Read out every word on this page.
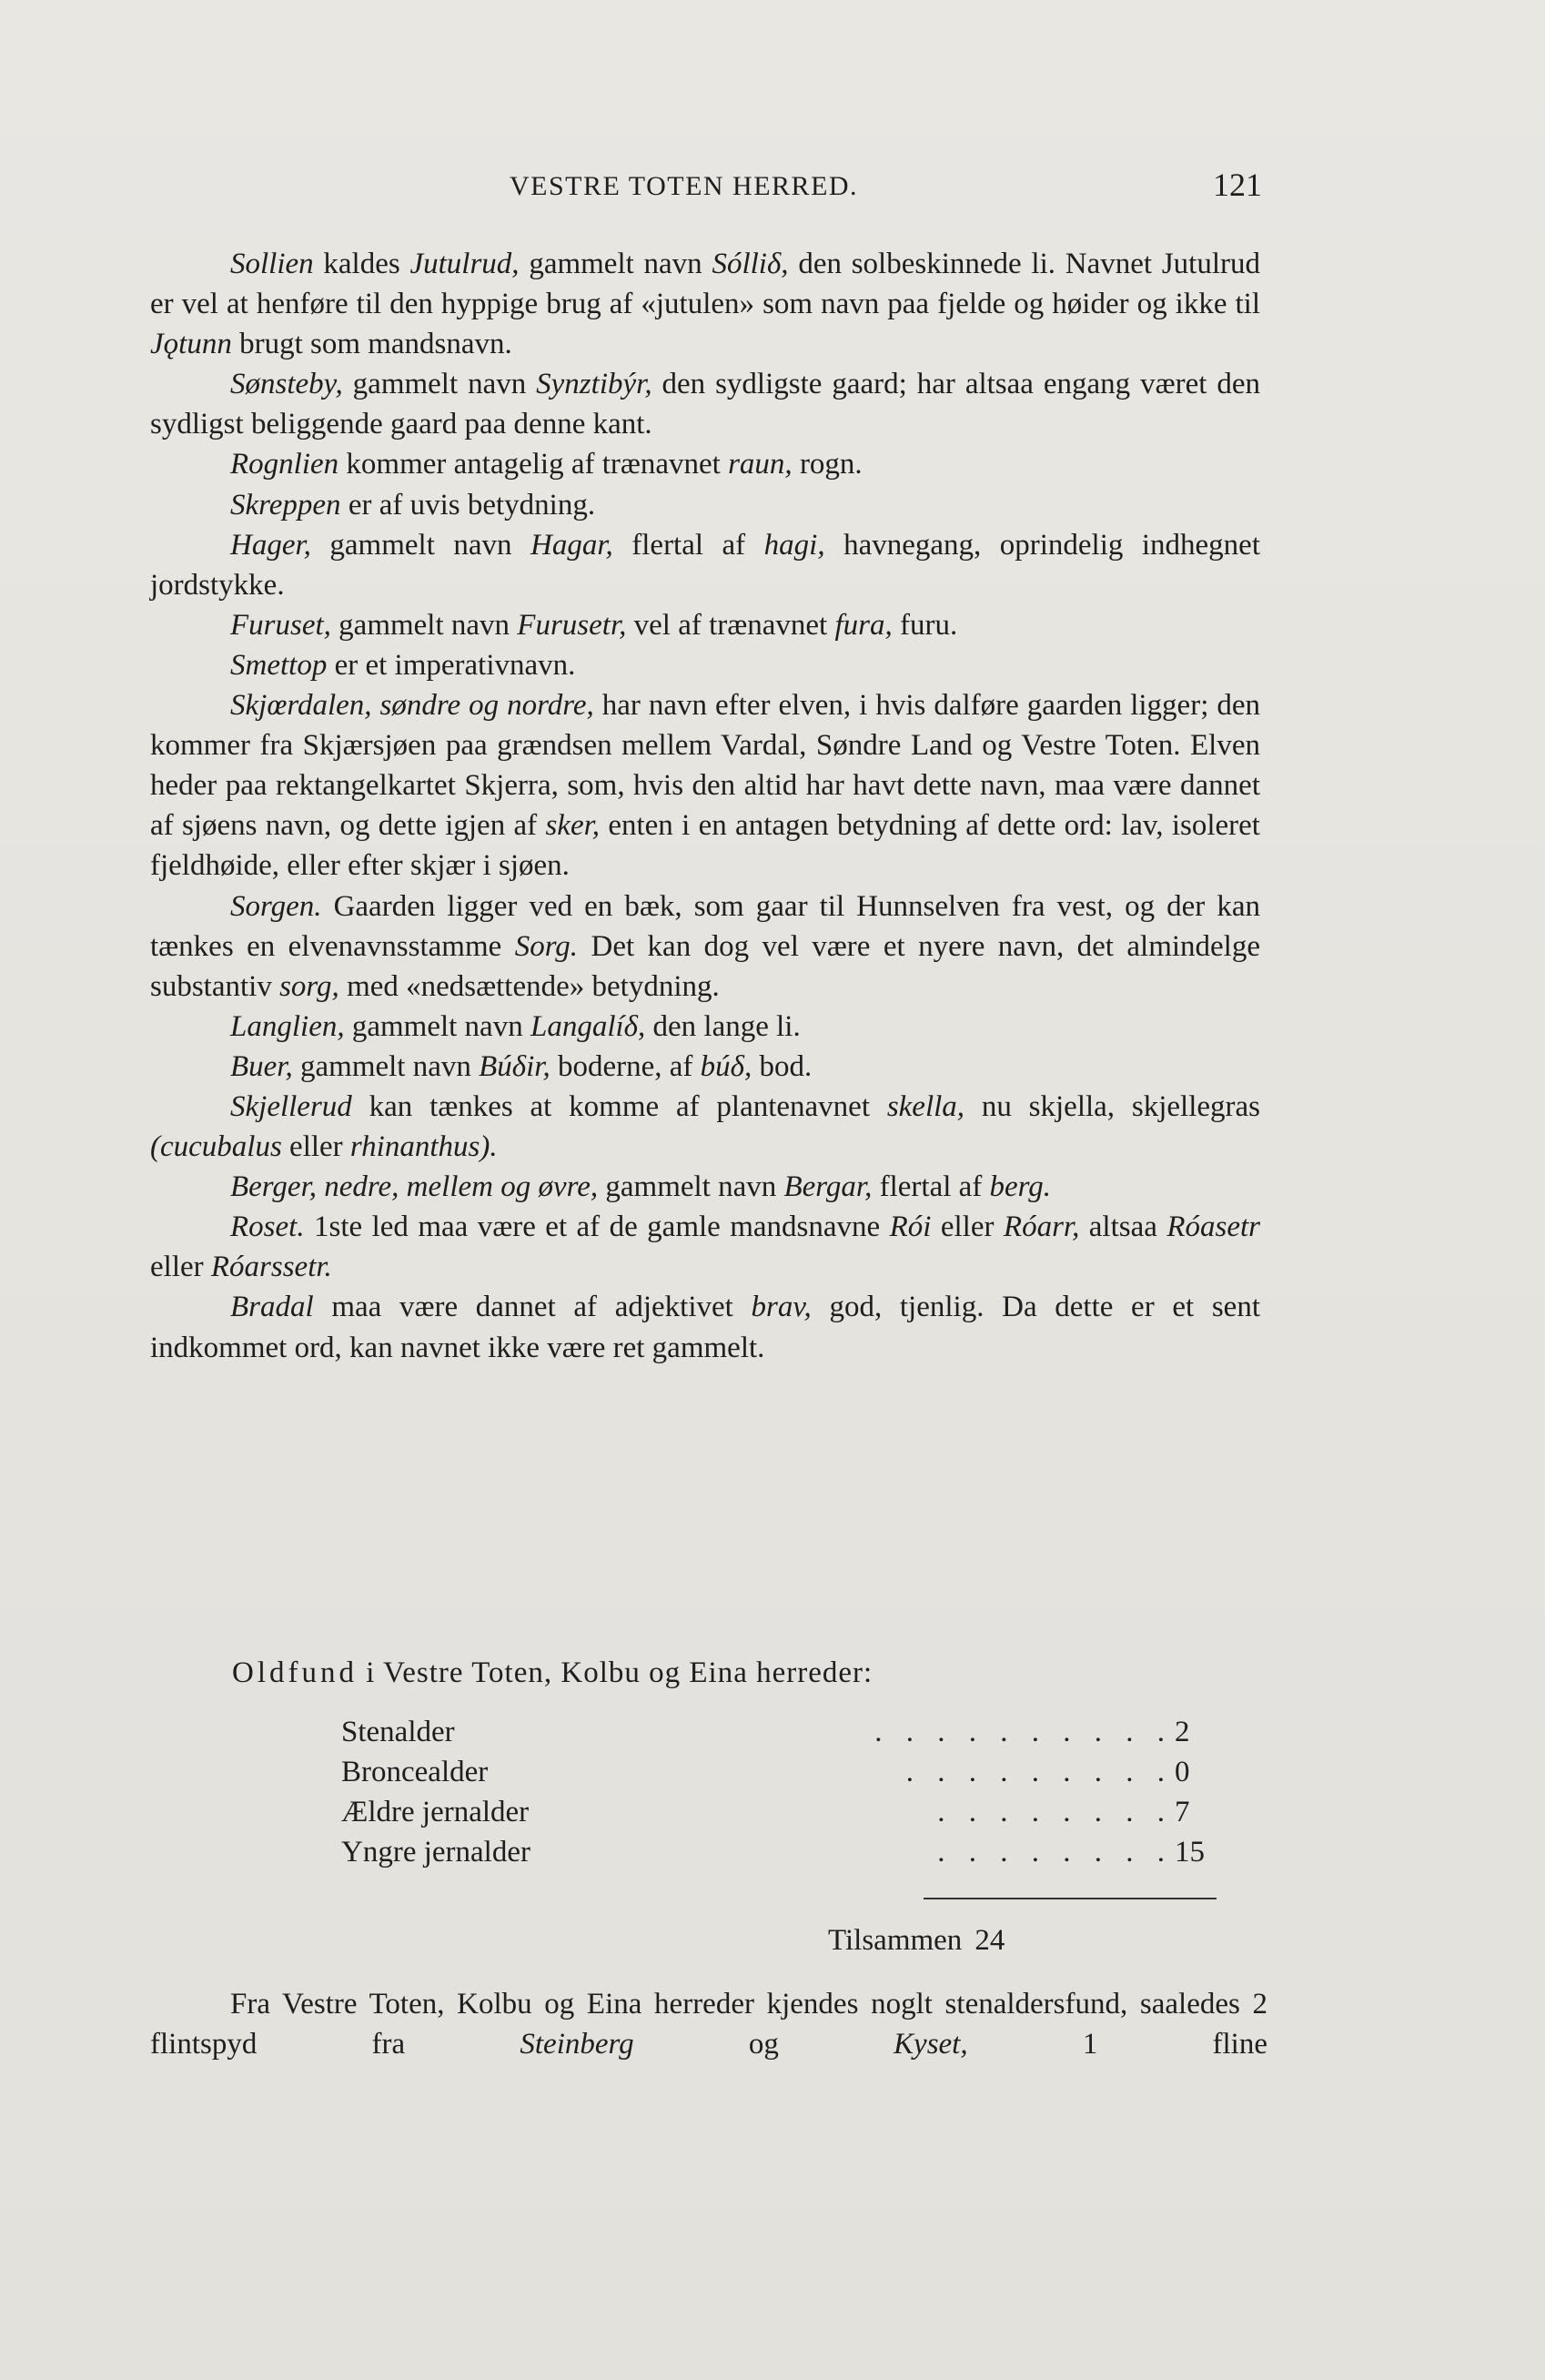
VESTRE TOTEN HERRED.	121

Sollien kaldes Jutulrud, gammelt navn Sólliδ, den solbeskinnede li. Navnet Jutulrud er vel at henføre til den hyppige brug af «jutulen» som navn paa fjelde og høider og ikke til Jǫtunn brugt som mandsnavn.

Sønsteby, gammelt navn Synztibýr, den sydligste gaard; har altsaa engang været den sydligst beliggende gaard paa denne kant.

Rognlien kommer antagelig af trænavnet raun, rogn.

Skreppen er af uvis betydning.

Hager, gammelt navn Hagar, flertal af hagi, havnegang, oprindelig indhegnet jordstykke.

Furuset, gammelt navn Furusetr, vel af trænavnet fura, furu.

Smettop er et imperativnavn.

Skjœrdalen, søndre og nordre, har navn efter elven, i hvis dalføre gaarden ligger; den kommer fra Skjærsjøen paa grændsen mellem Vardal, Søndre Land og Vestre Toten. Elven heder paa rektangelkartet Skjerra, som, hvis den altid har havt dette navn, maa være dannet af sjøens navn, og dette igjen af sker, enten i en antagen betydning af dette ord: lav, isoleret fjeldhøide, eller efter skjær i sjøen.

Sorgen. Gaarden ligger ved en bæk, som gaar til Hunnselven fra vest, og der kan tænkes en elvenavnsstamme Sorg. Det kan dog vel være et nyere navn, det almindelge substantiv sorg, med «nedsættende» betydning.

Langlien, gammelt navn Langalíδ, den lange li.

Buer, gammelt navn Búδir, boderne, af búδ, bod.

Skjellerud kan tænkes at komme af plantenavnet skella, nu skjella, skjellegras (cucubalus eller rhinanthus).

Berger, nedre, mellem og øvre, gammelt navn Bergar, flertal af berg.

Roset. 1ste led maa være et af de gamle mandsnavne Rói eller Róarr, altsaa Róasetr eller Róarssetr.

Bradal maa være dannet af adjektivet brav, god, tjenlig. Da dette er et sent indkommet ord, kan navnet ikke være ret gammelt.

Oldfund i Vestre Toten, Kolbu og Eina herreder:
Stenalder	. . . . . . . . . . 2
Broncealder	. . . . . . . . . 0
Ældre jernalder	. . . . . . . . 7
Yngre jernalder	. . . . . . . . 15
Tilsammen 24

Fra Vestre Toten, Kolbu og Eina herreder kjendes noglt stenaldersfund, saaledes 2 flintspyd fra Steinberg og Kyset, 1 fline
